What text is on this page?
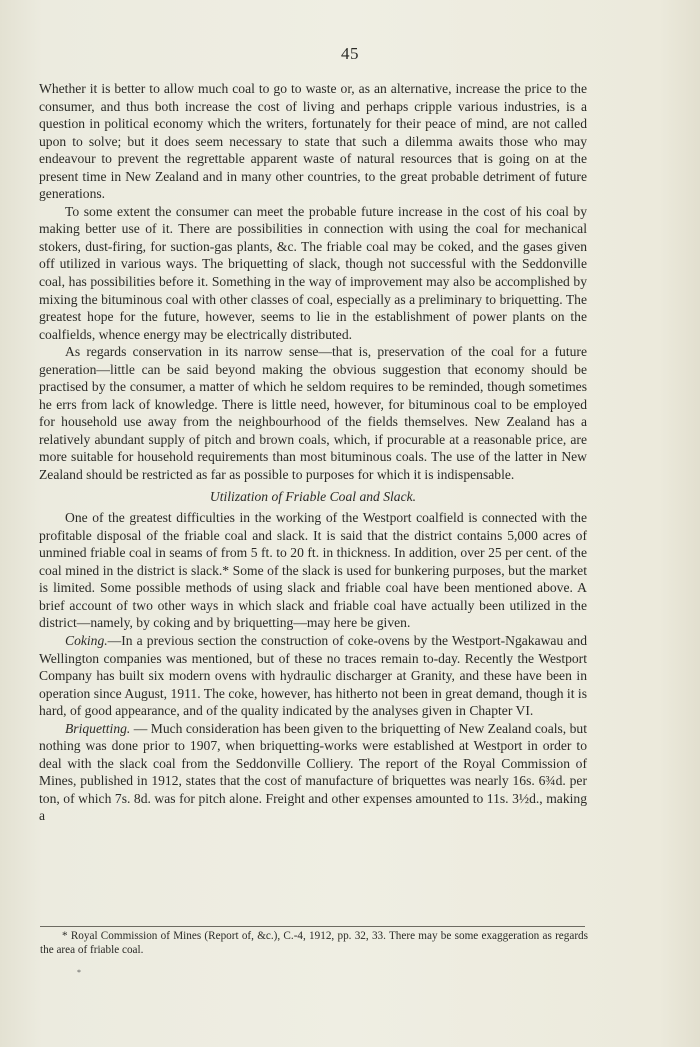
45

Whether it is better to allow much coal to go to waste or, as an alternative, increase the price to the consumer, and thus both increase the cost of living and perhaps cripple various industries, is a question in political economy which the writers, fortunately for their peace of mind, are not called upon to solve; but it does seem necessary to state that such a dilemma awaits those who may endeavour to prevent the regrettable apparent waste of natural resources that is going on at the present time in New Zealand and in many other countries, to the great probable detriment of future generations.

To some extent the consumer can meet the probable future increase in the cost of his coal by making better use of it. There are possibilities in connection with using the coal for mechanical stokers, dust-firing, for suction-gas plants, &c. The friable coal may be coked, and the gases given off utilized in various ways. The briquetting of slack, though not successful with the Seddonville coal, has possibilities before it. Something in the way of improvement may also be accomplished by mixing the bituminous coal with other classes of coal, especially as a preliminary to briquetting. The greatest hope for the future, however, seems to lie in the establishment of power plants on the coalfields, whence energy may be electrically distributed.

As regards conservation in its narrow sense—that is, preservation of the coal for a future generation—little can be said beyond making the obvious suggestion that economy should be practised by the consumer, a matter of which he seldom requires to be reminded, though sometimes he errs from lack of knowledge. There is little need, however, for bituminous coal to be employed for household use away from the neighbourhood of the fields themselves. New Zealand has a relatively abundant supply of pitch and brown coals, which, if procurable at a reasonable price, are more suitable for household requirements than most bituminous coals. The use of the latter in New Zealand should be restricted as far as possible to purposes for which it is indispensable.

Utilization of Friable Coal and Slack.

One of the greatest difficulties in the working of the Westport coalfield is connected with the profitable disposal of the friable coal and slack. It is said that the district contains 5,000 acres of unmined friable coal in seams of from 5 ft. to 20 ft. in thickness. In addition, over 25 per cent. of the coal mined in the district is slack.* Some of the slack is used for bunkering purposes, but the market is limited. Some possible methods of using slack and friable coal have been mentioned above. A brief account of two other ways in which slack and friable coal have actually been utilized in the district—namely, by coking and by briquetting—may here be given.

Coking.—In a previous section the construction of coke-ovens by the Westport-Ngakawau and Wellington companies was mentioned, but of these no traces remain to-day. Recently the Westport Company has built six modern ovens with hydraulic discharger at Granity, and these have been in operation since August, 1911. The coke, however, has hitherto not been in great demand, though it is hard, of good appearance, and of the quality indicated by the analyses given in Chapter VI.

Briquetting. — Much consideration has been given to the briquetting of New Zealand coals, but nothing was done prior to 1907, when briquetting-works were established at Westport in order to deal with the slack coal from the Seddonville Colliery. The report of the Royal Commission of Mines, published in 1912, states that the cost of manufacture of briquettes was nearly 16s. 6¾d. per ton, of which 7s. 8d. was for pitch alone. Freight and other expenses amounted to 11s. 3½d., making a

* Royal Commission of Mines (Report of, &c.), C.-4, 1912, pp. 32, 33. There may be some exaggeration as regards the area of friable coal.
*
